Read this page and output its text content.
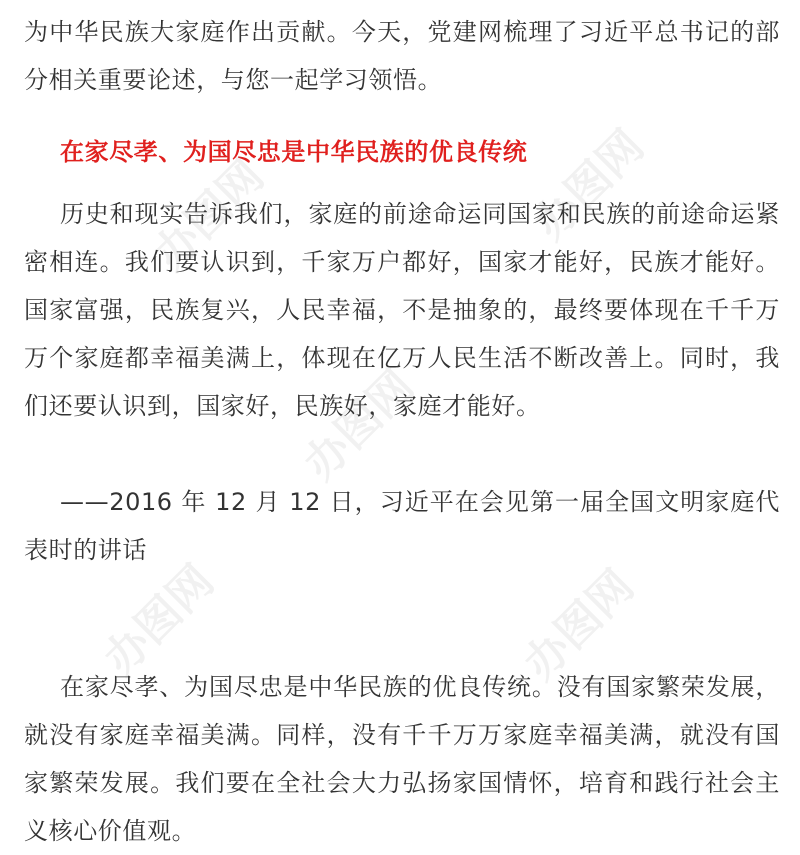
为中华民族大家庭作出贡献。今天，党建网梳理了习近平总书记的部分相关重要论述，与您一起学习领悟。
在家尽孝、为国尽忠是中华民族的优良传统
历史和现实告诉我们，家庭的前途命运同国家和民族的前途命运紧密相连。我们要认识到，千家万户都好，国家才能好，民族才能好。国家富强，民族复兴，人民幸福，不是抽象的，最终要体现在千千万万个家庭都幸福美满上，体现在亿万人民生活不断改善上。同时，我们还要认识到，国家好，民族好，家庭才能好。
——2016 年 12 月 12 日，习近平在会见第一届全国文明家庭代表时的讲话
在家尽孝、为国尽忠是中华民族的优良传统。没有国家繁荣发展，就没有家庭幸福美满。同样，没有千千万万家庭幸福美满，就没有国家繁荣发展。我们要在全社会大力弘扬家国情怀，培育和践行社会主义核心价值观。
办图网
办图网
办图网	办图网
办图网
